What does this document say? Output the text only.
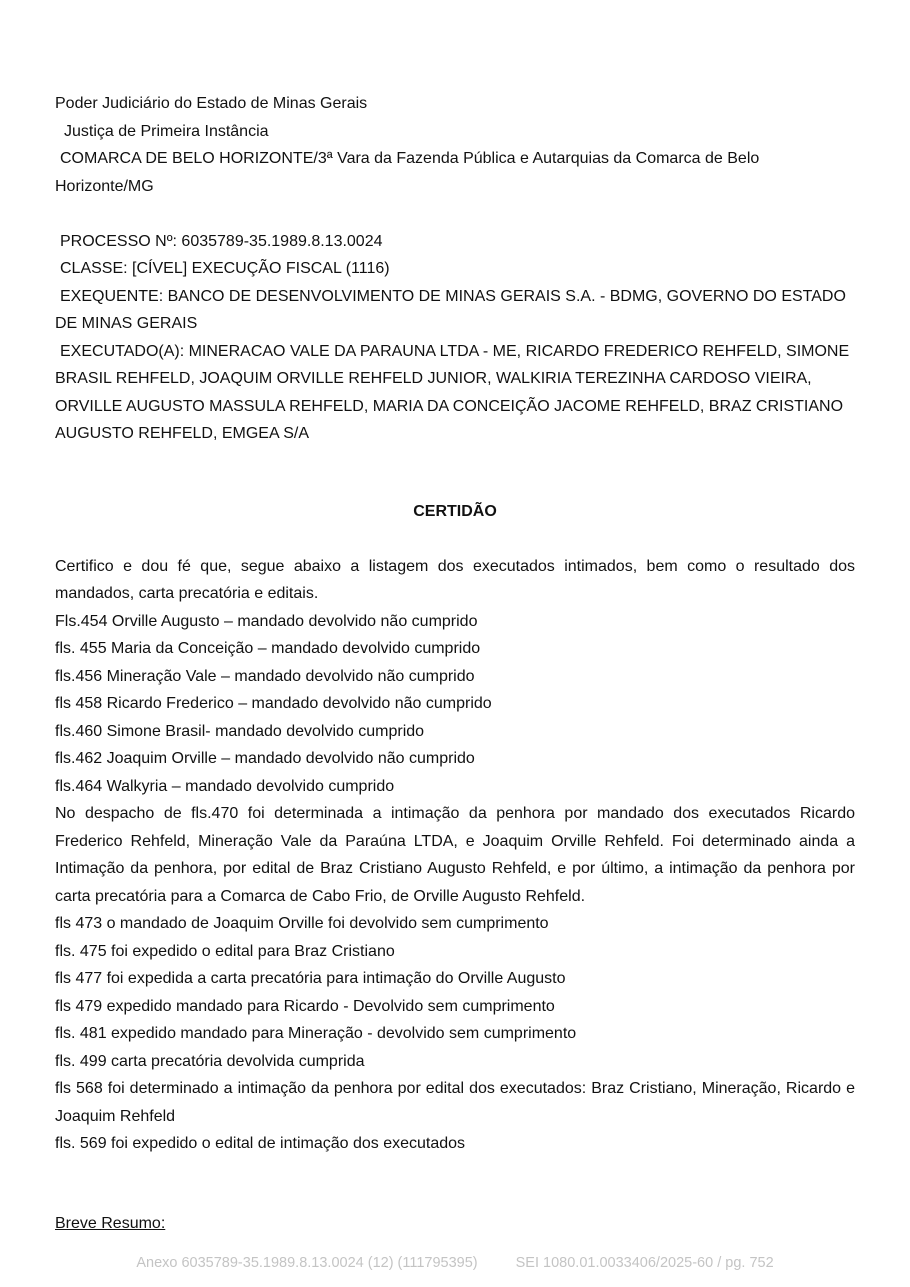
Poder Judiciário do Estado de Minas Gerais
Justiça de Primeira Instância
COMARCA DE BELO HORIZONTE/3ª Vara da Fazenda Pública e Autarquias da Comarca de Belo Horizonte/MG
PROCESSO Nº: 6035789-35.1989.8.13.0024
CLASSE: [CÍVEL] EXECUÇÃO FISCAL (1116)
EXEQUENTE: BANCO DE DESENVOLVIMENTO DE MINAS GERAIS S.A. - BDMG, GOVERNO DO ESTADO DE MINAS GERAIS
EXECUTADO(A): MINERACAO VALE DA PARAUNA LTDA - ME, RICARDO FREDERICO REHFELD, SIMONE BRASIL REHFELD, JOAQUIM ORVILLE REHFELD JUNIOR, WALKIRIA TEREZINHA CARDOSO VIEIRA, ORVILLE AUGUSTO MASSULA REHFELD, MARIA DA CONCEIÇÃO JACOME REHFELD, BRAZ CRISTIANO AUGUSTO REHFELD, EMGEA S/A
CERTIDÃO
Certifico e dou fé que, segue abaixo a listagem dos executados intimados, bem como o resultado dos mandados, carta precatória e editais.
Fls.454 Orville Augusto – mandado devolvido não cumprido
fls. 455 Maria da Conceição – mandado devolvido cumprido
fls.456 Mineração Vale – mandado devolvido não cumprido
fls 458 Ricardo Frederico – mandado devolvido não cumprido
fls.460 Simone Brasil- mandado devolvido cumprido
fls.462 Joaquim Orville – mandado devolvido não cumprido
fls.464 Walkyria – mandado devolvido cumprido
No despacho de fls.470 foi determinada a intimação da penhora por mandado dos executados Ricardo Frederico Rehfeld, Mineração Vale da Paraúna LTDA, e Joaquim Orville Rehfeld. Foi determinado ainda a Intimação da penhora, por edital de Braz Cristiano Augusto Rehfeld, e por último, a intimação da penhora por carta precatória para a Comarca de Cabo Frio, de Orville Augusto Rehfeld.
fls 473 o mandado de Joaquim Orville foi devolvido sem cumprimento
fls. 475 foi expedido o edital para Braz Cristiano
fls 477 foi expedida a carta precatória para intimação do Orville Augusto
fls 479 expedido mandado para Ricardo - Devolvido sem cumprimento
fls. 481 expedido mandado para Mineração - devolvido sem cumprimento
fls. 499 carta precatória devolvida cumprida
fls 568 foi determinado a intimação da penhora por edital dos executados: Braz Cristiano, Mineração, Ricardo e Joaquim Rehfeld
fls. 569 foi expedido o edital de intimação dos executados
Breve Resumo:
Anexo 6035789-35.1989.8.13.0024 (12) (111795395)	SEI 1080.01.0033406/2025-60 / pg. 752
